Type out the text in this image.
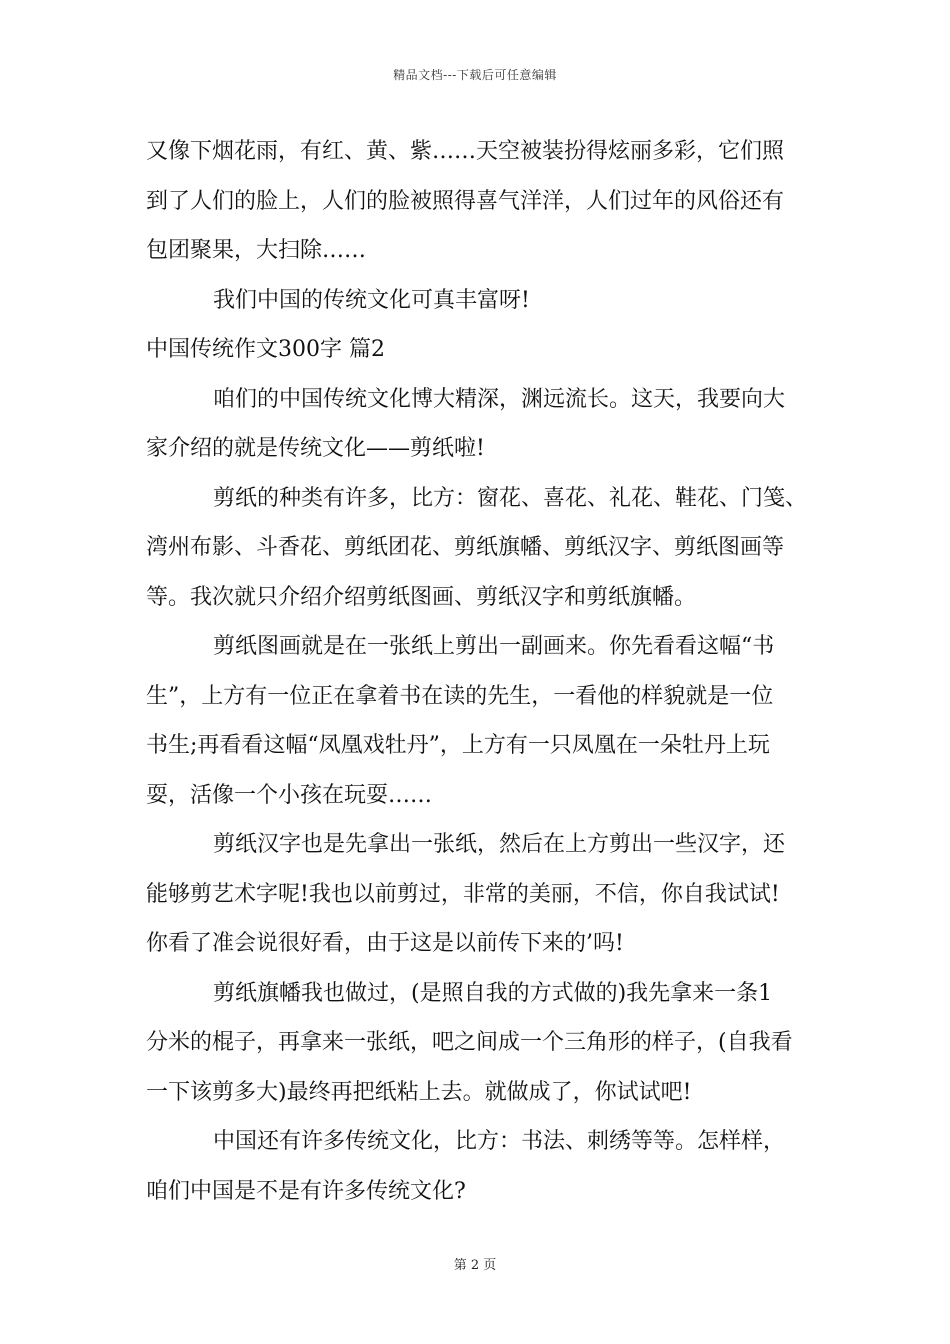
精品文档---下载后可任意编辑
又像下烟花雨，有红、黄、紫……天空被装扮得炫丽多彩，它们照
到了人们的脸上，人们的脸被照得喜气洋洋，人们过年的风俗还有
包团聚果，大扫除……
我们中国的传统文化可真丰富呀!
中国传统作文300字 篇2
咱们的中国传统文化博大精深，渊远流长。这天，我要向大
家介绍的就是传统文化——剪纸啦!
剪纸的种类有许多，比方：窗花、喜花、礼花、鞋花、门笺、
湾州布影、斗香花、剪纸团花、剪纸旗幡、剪纸汉字、剪纸图画等
等。我次就只介绍介绍剪纸图画、剪纸汉字和剪纸旗幡。
剪纸图画就是在一张纸上剪出一副画来。你先看看这幅“书
生”，上方有一位正在拿着书在读的先生，一看他的样貌就是一位
书生;再看看这幅“凤凰戏牡丹”，上方有一只凤凰在一朵牡丹上玩
耍，活像一个小孩在玩耍……
剪纸汉字也是先拿出一张纸，然后在上方剪出一些汉字，还
能够剪艺术字呢!我也以前剪过，非常的美丽，不信，你自我试试!
你看了准会说很好看，由于这是以前传下来的’吗!
剪纸旗幡我也做过，(是照自我的方式做的)我先拿来一条1
分米的棍子，再拿来一张纸，吧之间成一个三角形的样子，(自我看
一下该剪多大)最终再把纸粘上去。就做成了，你试试吧!
中国还有许多传统文化，比方：书法、刺绣等等。怎样样，
咱们中国是不是有许多传统文化?
第 2 页
